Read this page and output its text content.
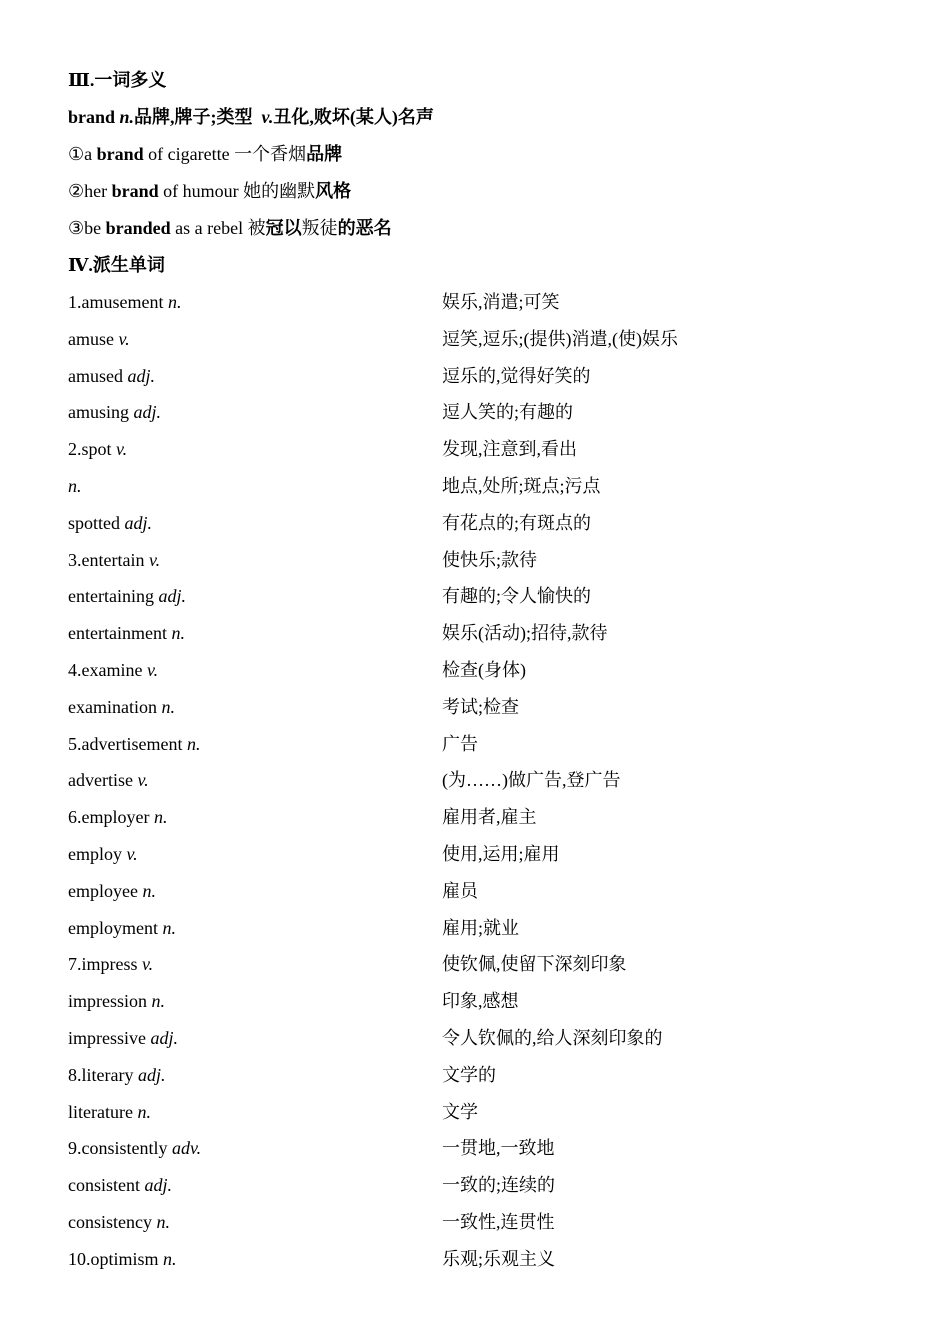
Ⅲ.一词多义
brand n.品牌,牌子;类型 v.丑化,败坏(某人)名声
①a brand of cigarette 一个香烟品牌
②her brand of humour 她的幽默风格
③be branded as a rebel 被冠以叛徒的恶名
Ⅳ.派生单词
1.amusement n.	娱乐,消遣;可笑
amuse v.	逗笑,逗乐;(提供)消遣,(使)娱乐
amused adj.	逗乐的,觉得好笑的
amusing adj.	逗人笑的;有趣的
2.spot v.	发现,注意到,看出
n.	地点,处所;斑点;污点
spotted adj.	有花点的;有斑点的
3.entertain v.	使快乐;款待
entertaining adj.	有趣的;令人愉快的
entertainment n.	娱乐(活动);招待,款待
4.examine v.	检查(身体)
examination n.	考试;检查
5.advertisement n.	广告
advertise v.	(为……)做广告,登广告
6.employer n.	雇用者,雇主
employ v.	使用,运用;雇用
employee n.	雇员
employment n.	雇用;就业
7.impress v.	使钦佩,使留下深刻印象
impression n.	印象,感想
impressive adj.	令人钦佩的,给人深刻印象的
8.literary adj.	文学的
literature n.	文学
9.consistently adv.	一贯地,一致地
consistent adj.	一致的;连续的
consistency n.	一致性,连贯性
10.optimism n.	乐观;乐观主义
